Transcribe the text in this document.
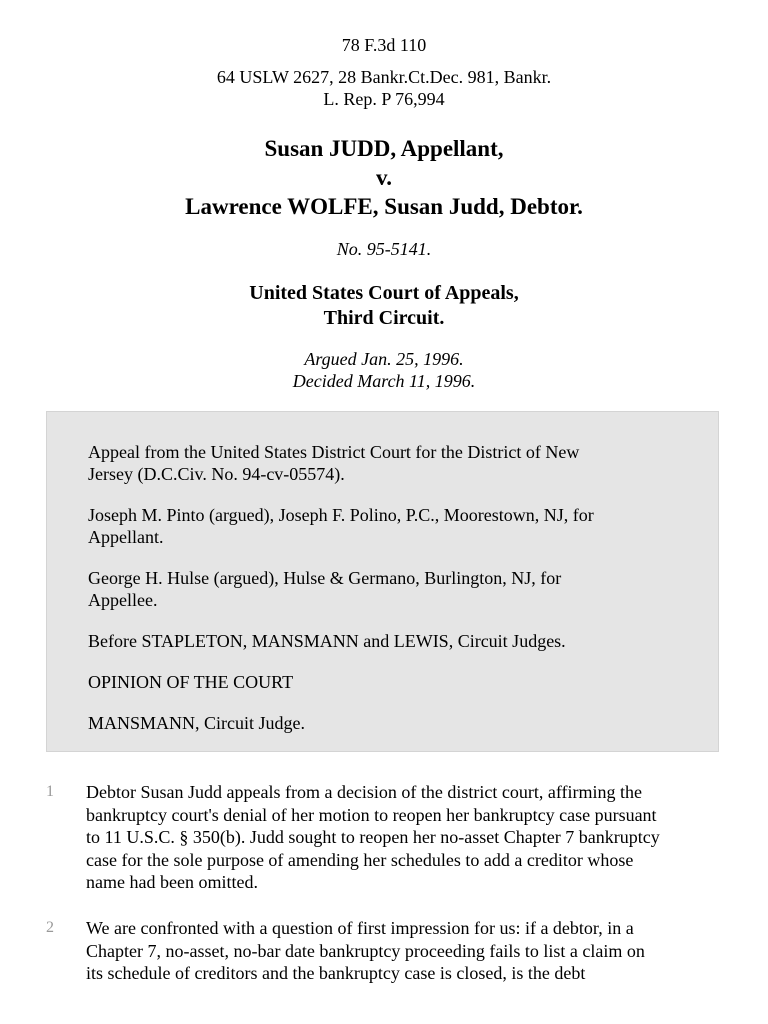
78 F.3d 110
64 USLW 2627, 28 Bankr.Ct.Dec. 981, Bankr.
L. Rep. P 76,994
Susan JUDD, Appellant,
v.
Lawrence WOLFE, Susan Judd, Debtor.
No. 95-5141.
United States Court of Appeals,
Third Circuit.
Argued Jan. 25, 1996.
Decided March 11, 1996.

Appeal from the United States District Court for the District of New
Jersey (D.C.Civ. No. 94-cv-05574).

Joseph M. Pinto (argued), Joseph F. Polino, P.C., Moorestown, NJ, for
Appellant.

George H. Hulse (argued), Hulse & Germano, Burlington, NJ, for
Appellee.

Before STAPLETON, MANSMANN and LEWIS, Circuit Judges.

OPINION OF THE COURT

MANSMANN, Circuit Judge.

1 Debtor Susan Judd appeals from a decision of the district court, affirming the
bankruptcy court's denial of her motion to reopen her bankruptcy case pursuant
to 11 U.S.C. § 350(b). Judd sought to reopen her no-asset Chapter 7 bankruptcy
case for the sole purpose of amending her schedules to add a creditor whose
name had been omitted.

2 We are confronted with a question of first impression for us: if a debtor, in a
Chapter 7, no-asset, no-bar date bankruptcy proceeding fails to list a claim on
its schedule of creditors and the bankruptcy case is closed, is the debt
